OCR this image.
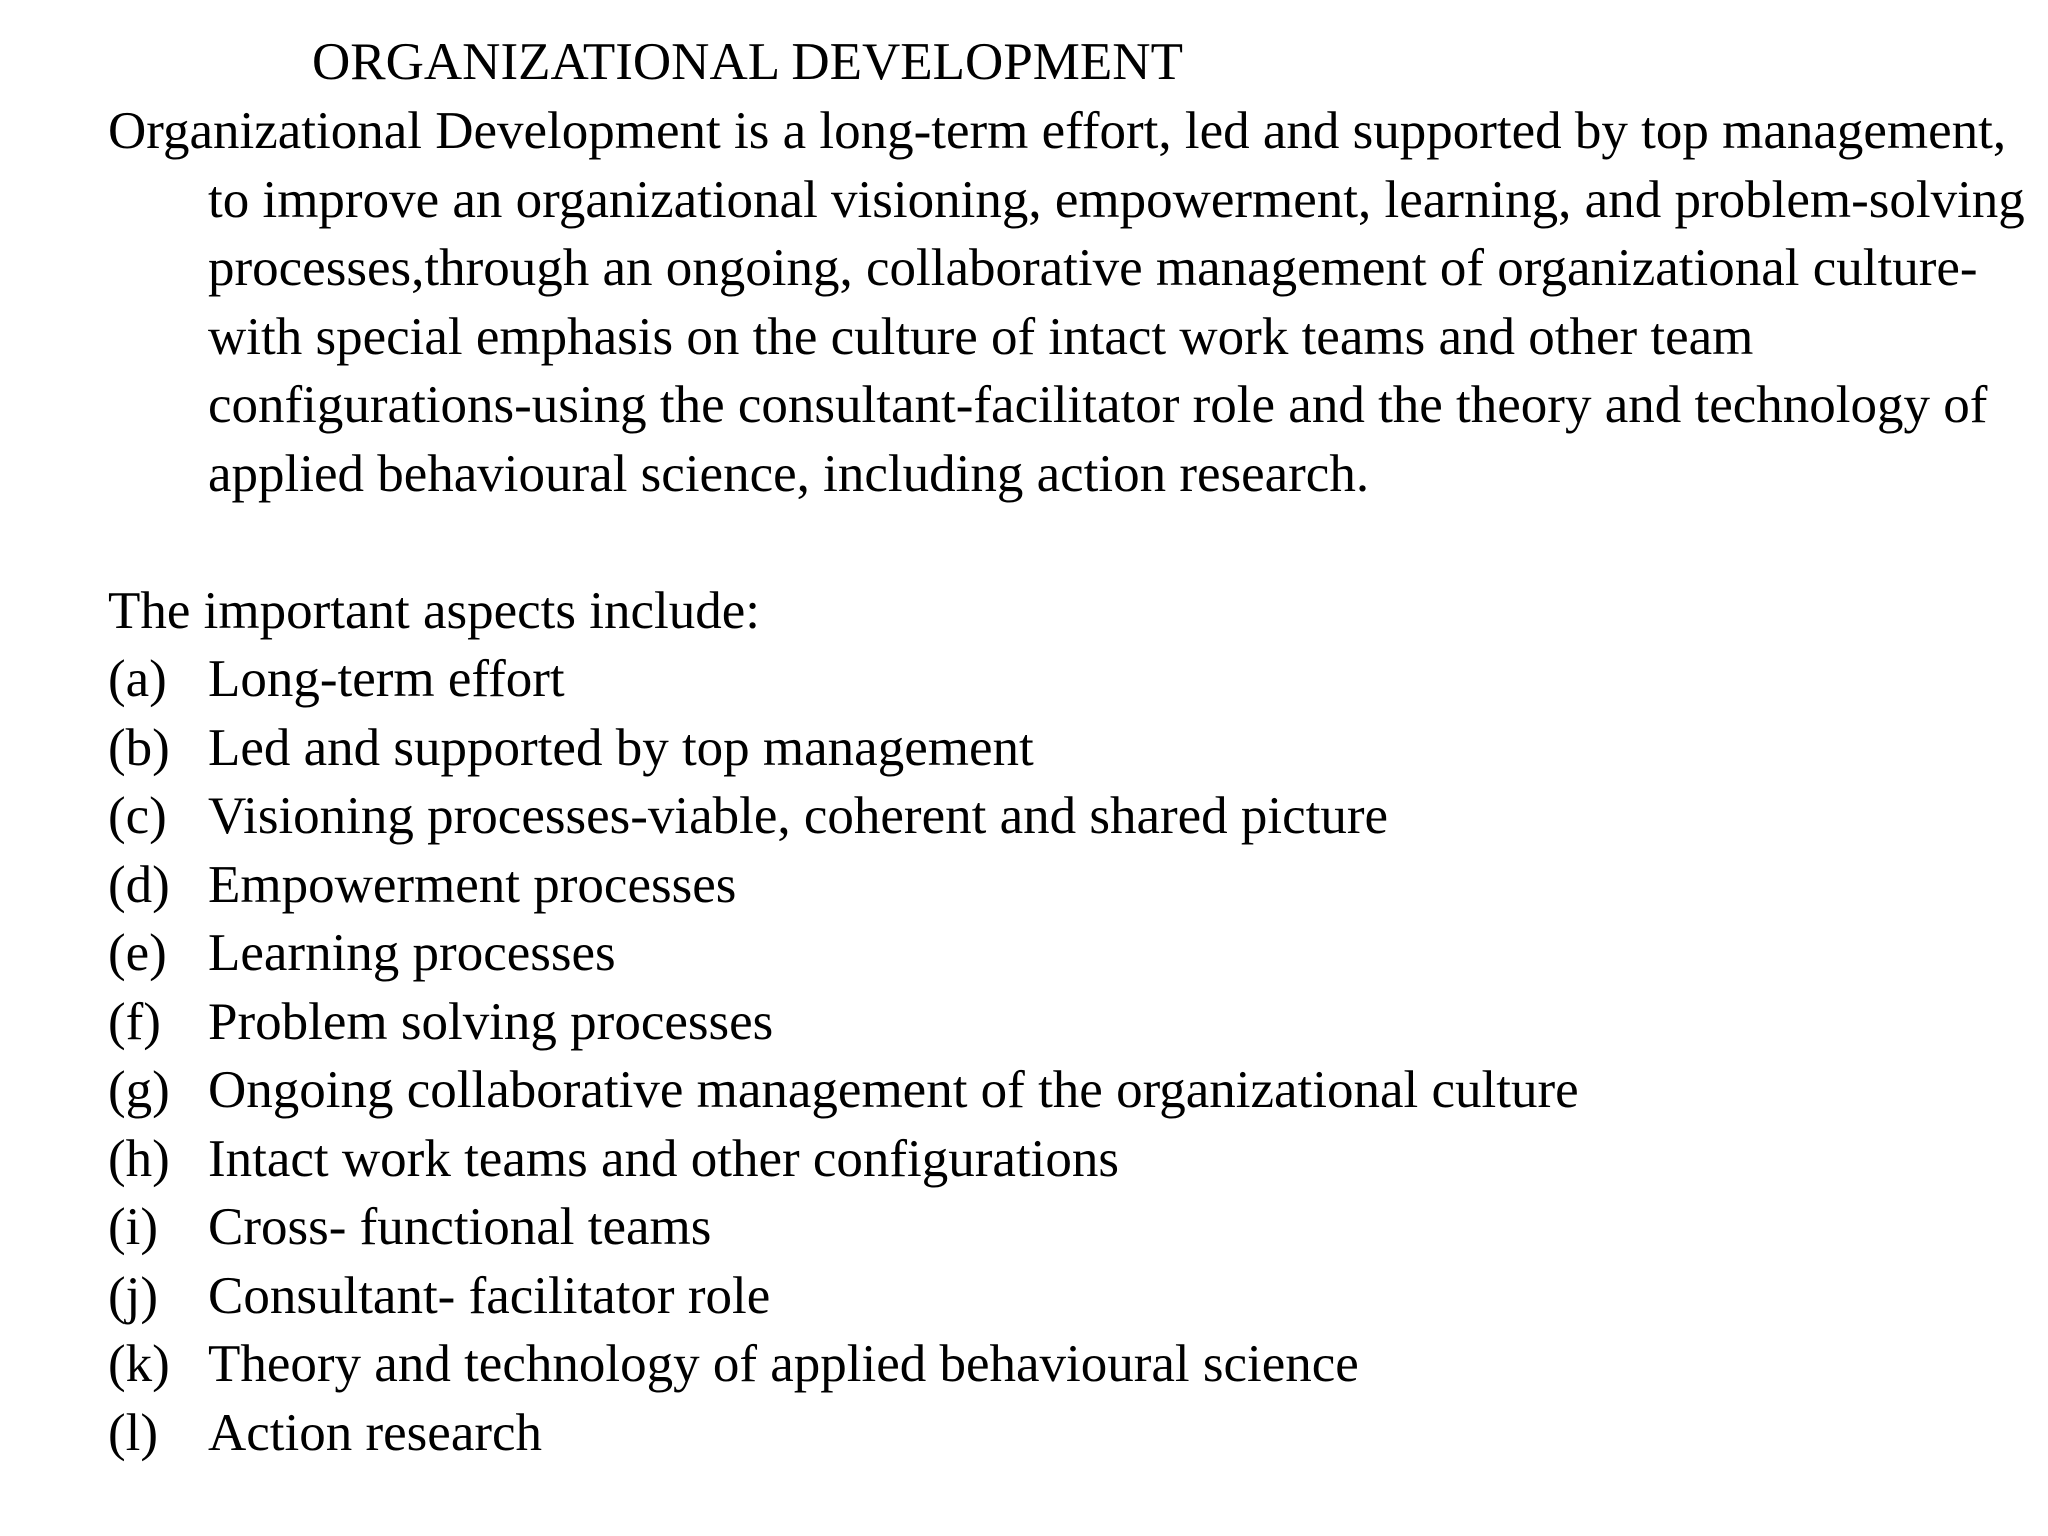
ORGANIZATIONAL DEVELOPMENT

Organizational Development is a long-term effort, led and supported by top management, to improve an organizational visioning, empowerment, learning, and problem-solving processes,through an ongoing, collaborative management of organizational culture- with special emphasis on the culture of intact work teams and other team configurations-using the consultant-facilitator role and the theory and technology of applied behavioural science, including action research.

The important aspects include:

(a) Long-term effort
(b) Led and supported by top management
(c) Visioning processes-viable, coherent and shared picture
(d) Empowerment processes
(e) Learning processes
(f) Problem solving processes
(g) Ongoing collaborative management of the organizational culture
(h) Intact work teams and other configurations
(i) Cross- functional teams
(j) Consultant- facilitator role
(k) Theory and technology of applied behavioural science
(l) Action research
